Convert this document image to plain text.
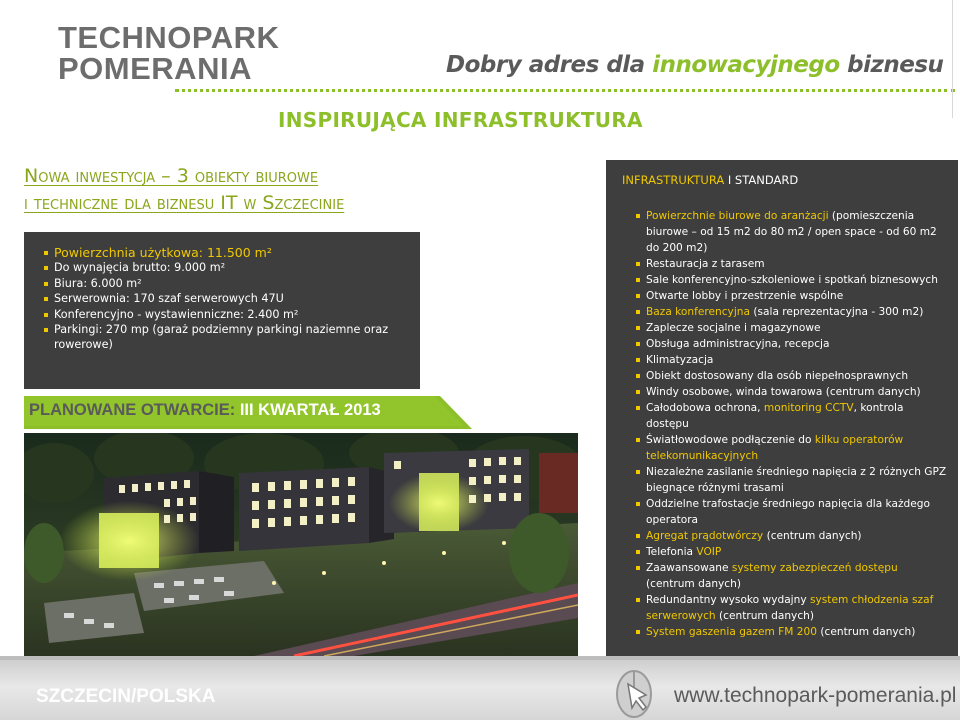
TECHNOPARK
POMERANIA	Dobry adres dla innowacyjnego biznesu
INSPIRUJĄCA INFRASTRUKTURA
Nowa inwestycja – 3 obiekty biurowe
i techniczne dla biznesu IT w Szczecinie
Powierzchnia użytkowa: 11.500 m²
Do wynajęcia brutto: 9.000 m²
Biura: 6.000 m²
Serwerownia: 170 szaf serwerowych 47U
Konferencyjno - wystawienniczne: 2.400 m²
Parkingi: 270 mp (garaż podziemny parkingi naziemne oraz rowerowe)
PLANOWANE OTWARCIE: III KWARTAŁ 2013
INFRASTRUKTURA I STANDARD
Powierzchnie biurowe do aranżacji (pomieszczenia biurowe – od 15 m2 do 80 m2 / open space - od 60 m2 do 200 m2)
Restauracja z tarasem
Sale konferencyjno-szkoleniowe i spotkań biznesowych
Otwarte lobby i przestrzenie wspólne
Baza konferencyjna (sala reprezentacyjna - 300 m2)
Zaplecze socjalne i magazynowe
Obsługa administracyjna, recepcja
Klimatyzacja
Obiekt dostosowany dla osób niepełnosprawnych
Windy osobowe, winda towarowa (centrum danych)
Całodobowa ochrona, monitoring CCTV, kontrola dostępu
Światłowodowe podłączenie do kilku operatorów telekomunikacyjnych
Niezależne zasilanie średniego napięcia z 2 różnych GPZ biegnące różnymi trasami
Oddzielne trafostacje średniego napięcia dla każdego operatora
Agregat prądotwórczy (centrum danych)
Telefonia VOIP
Zaawansowane systemy zabezpieczeń dostępu (centrum danych)
Redundantny wysoko wydajny system chłodzenia szaf serwerowych (centrum danych)
System gaszenia gazem FM 200 (centrum danych)
SZCZECIN/POLSKA	www.technopark-pomerania.pl
